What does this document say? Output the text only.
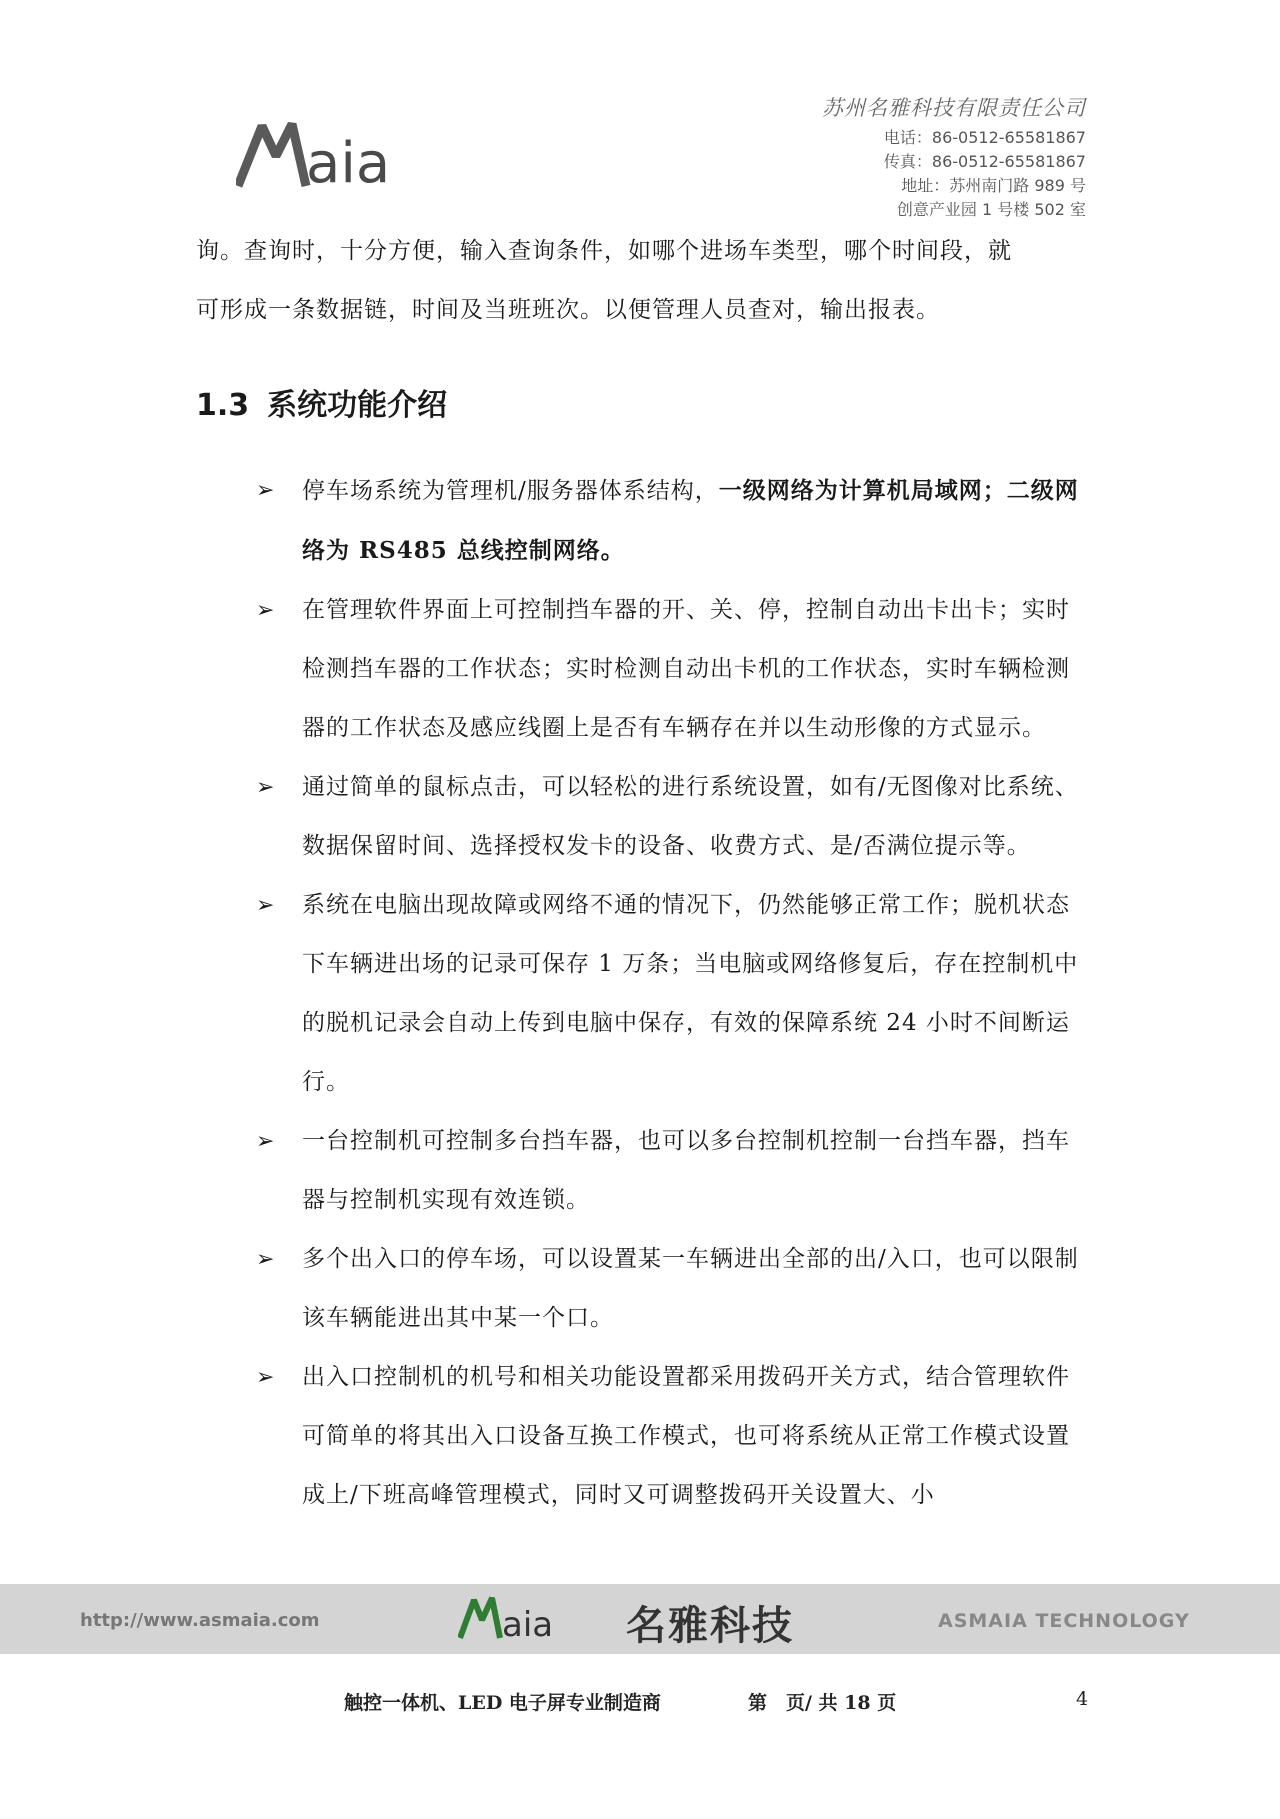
aia
苏州名雅科技有限责任公司
电话：86-0512-65581867
传真：86-0512-65581867
地址：苏州南门路 989 号
创意产业园 1 号楼 502 室
询。查询时，十分方便，输入查询条件，如哪个进场车类型，哪个时间段，就
可形成一条数据链，时间及当班班次。以便管理人员查对，输出报表。
1.3 系统功能介绍
➢ 停车场系统为管理机/服务器体系结构，一级网络为计算机局域网；二级网络为 RS485 总线控制网络。
➢ 在管理软件界面上可控制挡车器的开、关、停，控制自动出卡出卡；实时检测挡车器的工作状态；实时检测自动出卡机的工作状态，实时车辆检测器的工作状态及感应线圈上是否有车辆存在并以生动形像的方式显示。
➢ 通过简单的鼠标点击，可以轻松的进行系统设置，如有/无图像对比系统、数据保留时间、选择授权发卡的设备、收费方式、是/否满位提示等。
➢ 系统在电脑出现故障或网络不通的情况下，仍然能够正常工作；脱机状态下车辆进出场的记录可保存 1 万条；当电脑或网络修复后，存在控制机中的脱机记录会自动上传到电脑中保存，有效的保障系统 24 小时不间断运行。
➢ 一台控制机可控制多台挡车器，也可以多台控制机控制一台挡车器，挡车器与控制机实现有效连锁。
➢ 多个出入口的停车场，可以设置某一车辆进出全部的出/入口，也可以限制该车辆能进出其中某一个口。
➢ 出入口控制机的机号和相关功能设置都采用拨码开关方式，结合管理软件可简单的将其出入口设备互换工作模式，也可将系统从正常工作模式设置成上/下班高峰管理模式，同时又可调整拨码开关设置大、小
http://www.asmaia.com	aia 名雅科技	ASMAIA TECHNOLOGY
触控一体机、LED 电子屏专业制造商	第　页/ 共 18 页	4
